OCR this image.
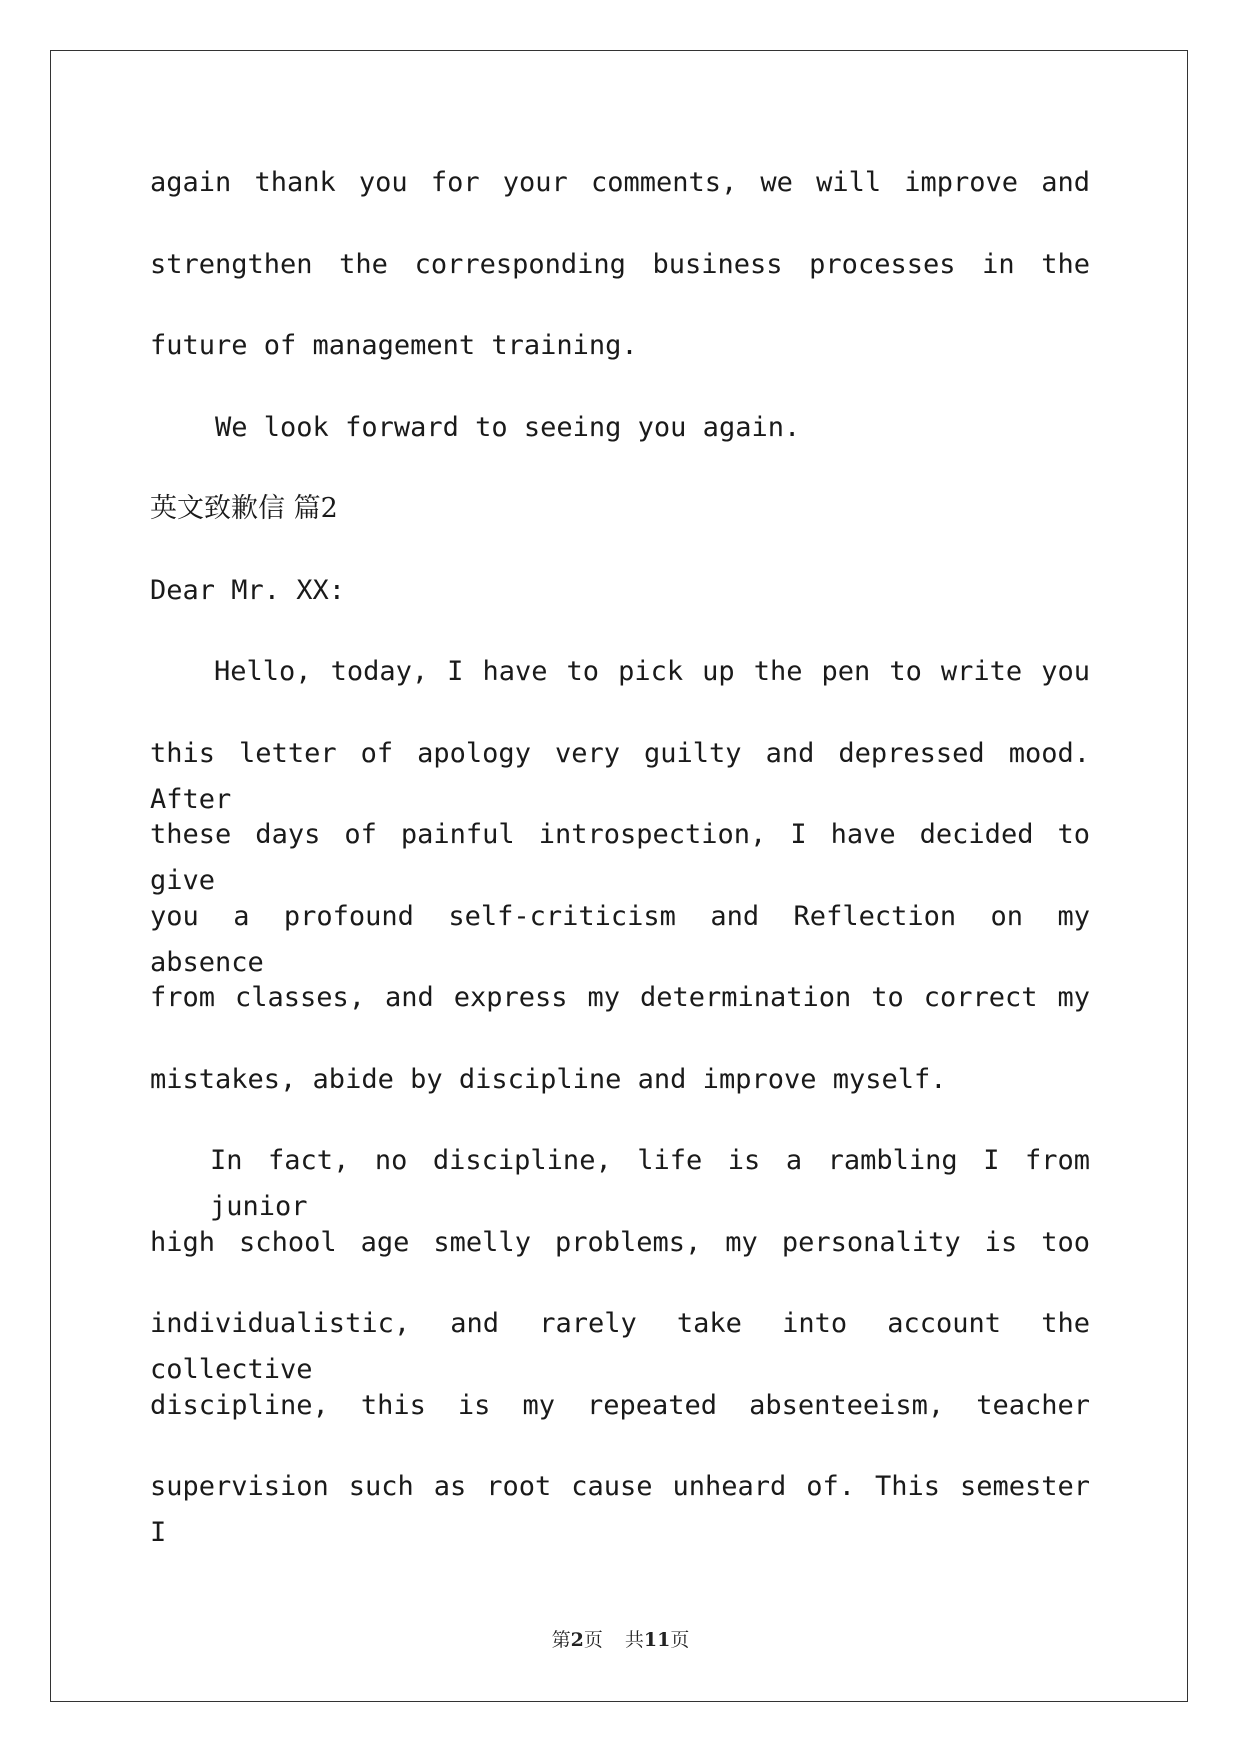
again thank you for your comments, we will improve and
strengthen the corresponding business processes in the
future of management training.
We look forward to seeing you again.
英文致歉信 篇2
Dear Mr. XX:
Hello, today, I have to pick up the pen to write you
this letter of apology very guilty and depressed mood. After
these days of painful introspection, I have decided to give
you a profound self-criticism and Reflection on my absence
from classes, and express my determination to correct my
mistakes, abide by discipline and improve myself.
In fact, no discipline, life is a rambling I from junior
high school age smelly problems, my personality is too
individualistic, and rarely take into account the collective
discipline, this is my repeated absenteeism, teacher
supervision such as root cause unheard of. This semester I
第2页 共11页
